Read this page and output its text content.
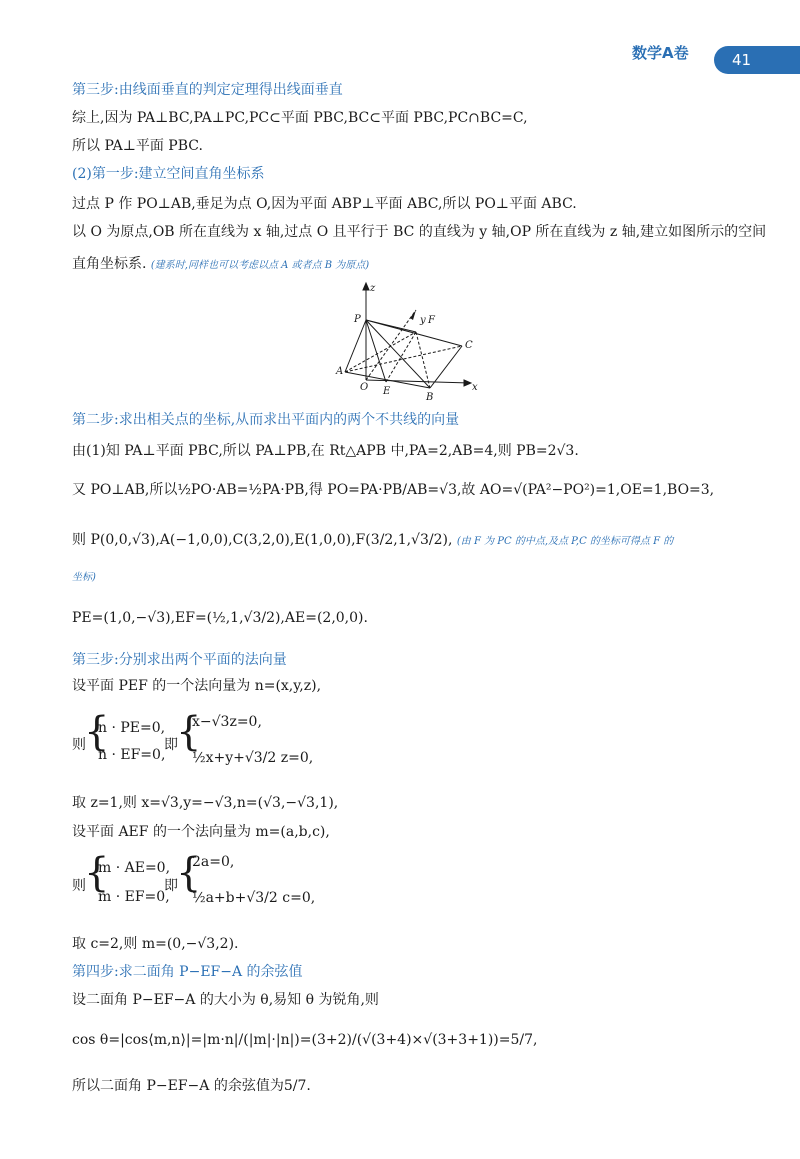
数学A卷	41
第三步:由线面垂直的判定定理得出线面垂直
综上,因为 PA⊥BC,PA⊥PC,PC⊂平面 PBC,BC⊂平面 PBC,PC∩BC=C,
所以 PA⊥平面 PBC.
(2)第一步:建立空间直角坐标系
过点 P 作 PO⊥AB,垂足为点 O,因为平面 ABP⊥平面 ABC,所以 PO⊥平面 ABC.
以 O 为原点,OB 所在直线为 x 轴,过点 O 且平行于 BC 的直线为 y 轴,OP 所在直线为 z 轴,建立如图所示的空间
直角坐标系. (建系时,同样也可以考虑以点 A 或者点 B 为原点)
z
P	y F
C
A
O E
B
x
第二步:求出相关点的坐标,从而求出平面内的两个不共线的向量
由(1)知 PA⊥平面 PBC,所以 PA⊥PB,在 Rt△APB 中,PA=2,AB=4,则 PB=2√3.
又 PO⊥AB,所以½PO·AB=½PA·PB,得 PO=PA·PB/AB=√3,故 AO=√(PA²−PO²)=1,OE=1,BO=3,
则 P(0,0,√3),A(−1,0,0),C(3,2,0),E(1,0,0),F(3/2,1,√3/2), (由 F 为 PC 的中点,及点 P,C 的坐标可得点 F 的
坐标)
PE=(1,0,−√3),EF=(½,1,√3/2),AE=(2,0,0).
第三步:分别求出两个平面的法向量
设平面 PEF 的一个法向量为 n=(x,y,z),
则
{
n · PE=0,
n · EF=0,
即
{
x−√3z=0,
½x+y+√3/2 z=0,
取 z=1,则 x=√3,y=−√3,n=(√3,−√3,1),
设平面 AEF 的一个法向量为 m=(a,b,c),
则
{
m · AE=0,
m · EF=0,
即
{
2a=0,
½a+b+√3/2 c=0,
取 c=2,则 m=(0,−√3,2).
第四步:求二面角 P−EF−A 的余弦值
设二面角 P−EF−A 的大小为 θ,易知 θ 为锐角,则
cos θ=|cos⟨m,n⟩|=|m·n|/(|m|·|n|)=(3+2)/(√(3+4)×√(3+3+1))=5/7,
所以二面角 P−EF−A 的余弦值为5/7.
